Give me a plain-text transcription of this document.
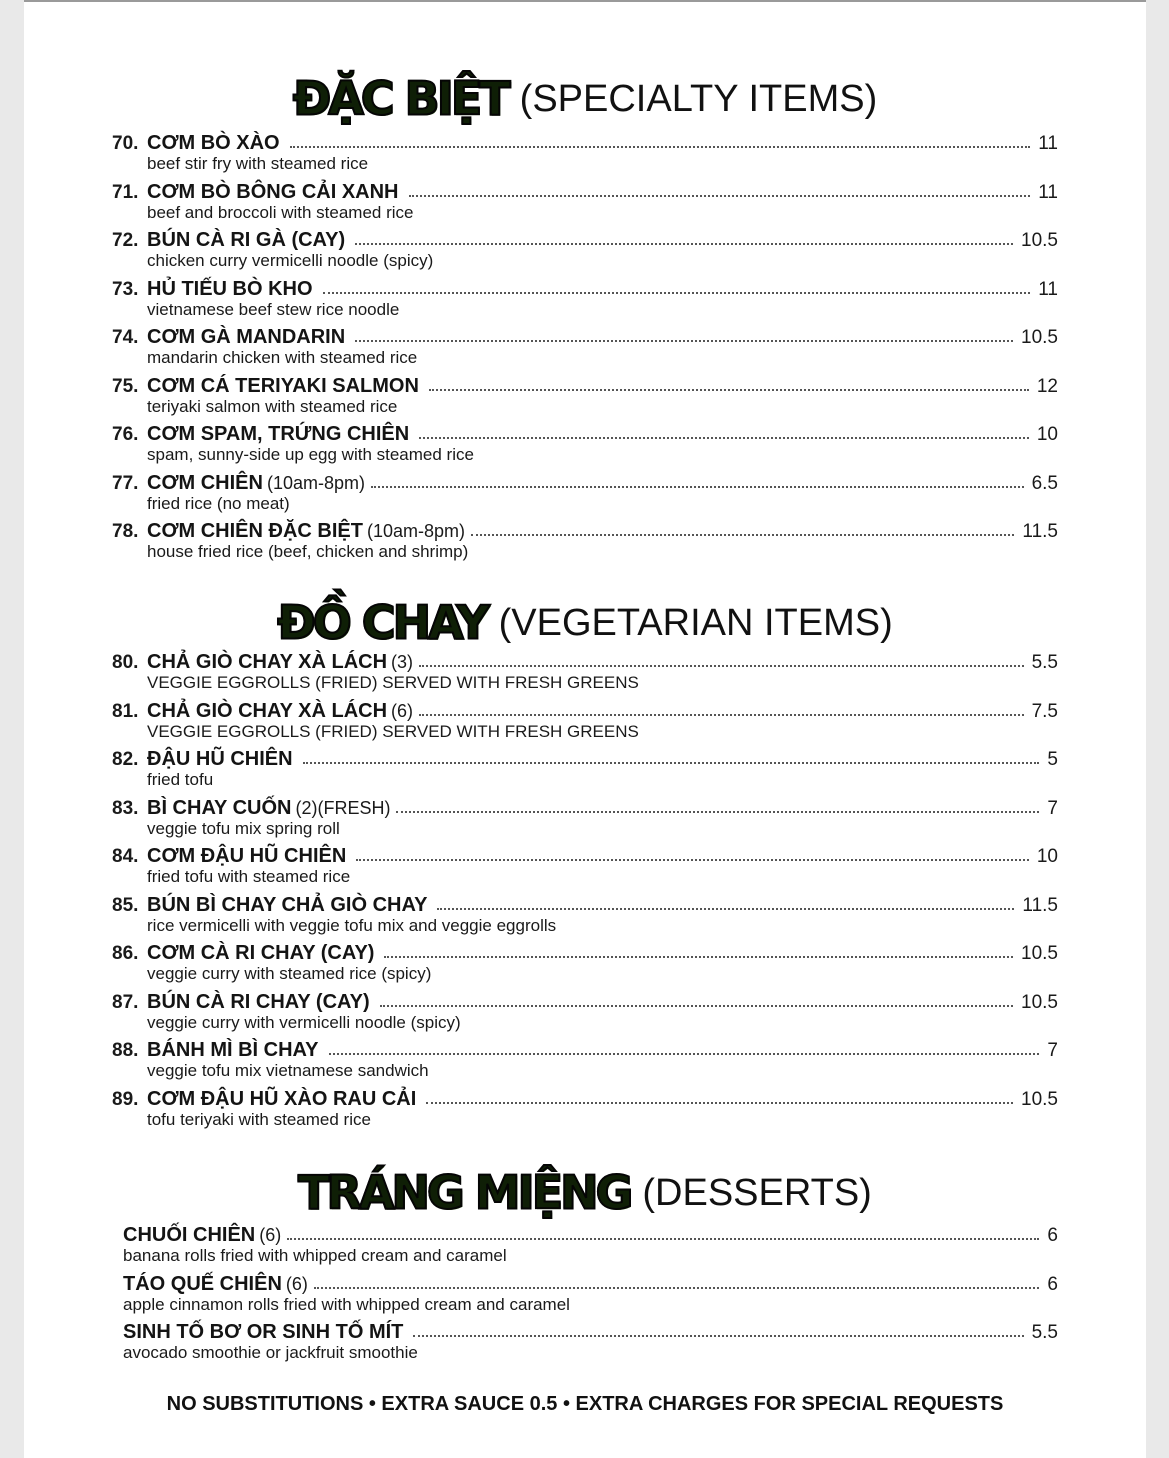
ĐẶC BIỆT (SPECIALTY ITEMS)
70. CƠM BÒ XÀO	11
beef stir fry with steamed rice
71. CƠM BÒ BÔNG CẢI XANH	11
beef and broccoli with steamed rice
72. BÚN CÀ RI GÀ (CAY)	10.5
chicken curry vermicelli noodle (spicy)
73. HỦ TIẾU BÒ KHO	11
vietnamese beef stew rice noodle
74. CƠM GÀ MANDARIN	10.5
mandarin chicken with steamed rice
75. CƠM CÁ TERIYAKI SALMON	12
teriyaki salmon with steamed rice
76. CƠM SPAM, TRỨNG CHIÊN	10
spam, sunny-side up egg with steamed rice
77. CƠM CHIÊN (10am-8pm)	6.5
fried rice (no meat)
78. CƠM CHIÊN ĐẶC BIỆT (10am-8pm)	11.5
house fried rice (beef, chicken and shrimp)
ĐỒ CHAY (VEGETARIAN ITEMS)
80. CHẢ GIÒ CHAY XÀ LÁCH (3)	5.5
VEGGIE EGGROLLS (FRIED) SERVED WITH FRESH GREENS
81. CHẢ GIÒ CHAY XÀ LÁCH (6)	7.5
VEGGIE EGGROLLS (FRIED) SERVED WITH FRESH GREENS
82. ĐẬU HŨ CHIÊN	5
fried tofu
83. BÌ CHAY CUỐN (2)(FRESH)	7
veggie tofu mix spring roll
84. CƠM ĐẬU HŨ CHIÊN	10
fried tofu with steamed rice
85. BÚN BÌ CHAY CHẢ GIÒ CHAY	11.5
rice vermicelli with veggie tofu mix and veggie eggrolls
86. CƠM CÀ RI CHAY (CAY)	10.5
veggie curry with steamed rice (spicy)
87. BÚN CÀ RI CHAY (CAY)	10.5
veggie curry with vermicelli noodle (spicy)
88. BÁNH MÌ BÌ CHAY	7
veggie tofu mix vietnamese sandwich
89. CƠM ĐẬU HŨ XÀO RAU CẢI	10.5
tofu teriyaki with steamed rice
TRÁNG MIỆNG (DESSERTS)
CHUỐI CHIÊN (6)	6
banana rolls fried with whipped cream and caramel
TÁO QUẾ CHIÊN (6)	6
apple cinnamon rolls fried with whipped cream and caramel
SINH TỐ BƠ OR SINH TỐ MÍT	5.5
avocado smoothie or jackfruit smoothie
NO SUBSTITUTIONS • EXTRA SAUCE 0.5 • EXTRA CHARGES FOR SPECIAL REQUESTS
